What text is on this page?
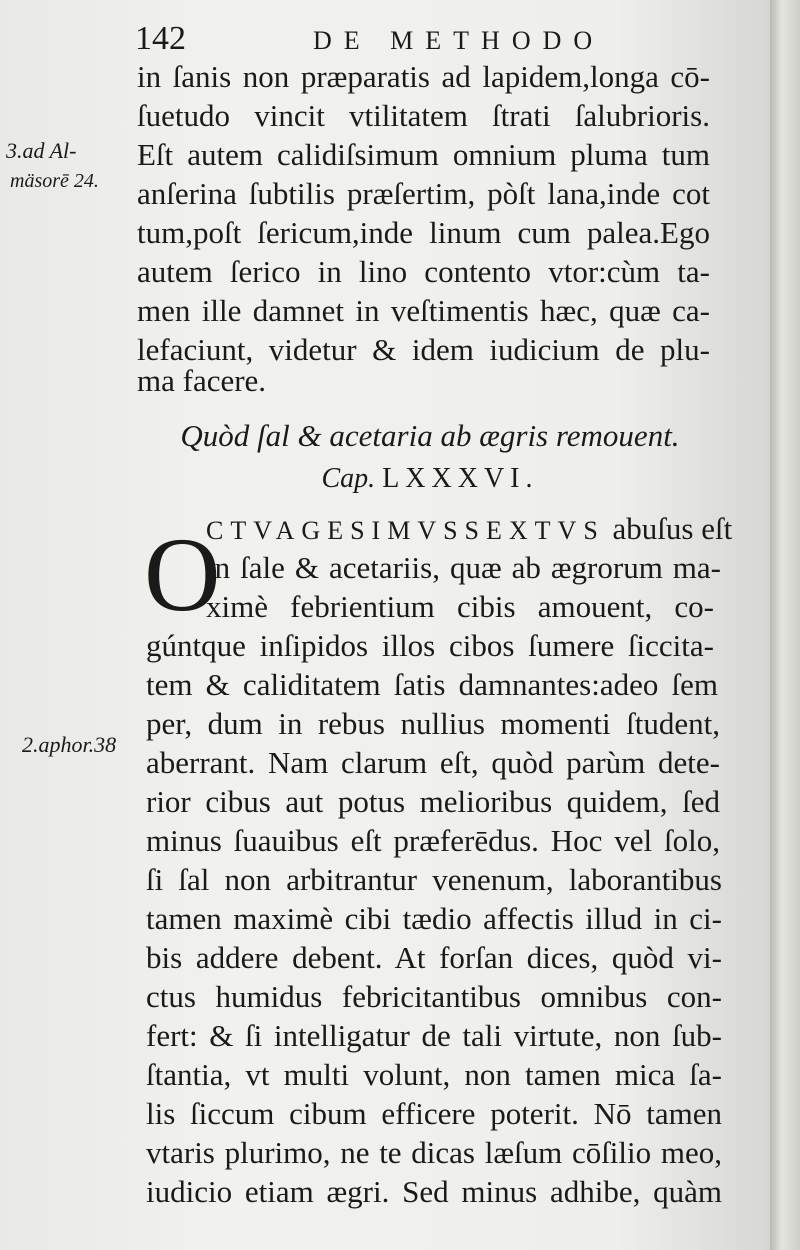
142	DE METHODO
in ſanis non præparatis ad lapidem,longa cō-
ſuetudo vincit vtilitatem ſtrati ſalubrioris.
Eſt autem calidiſsimum omnium pluma tum
anſerina ſubtilis præſertim, pòſt lana,inde cot
tum,poſt ſericum,inde linum cum palea.Ego
autem ſerico in lino contento vtor:cùm ta-
men ille damnet in veſtimentis hæc, quæ ca-
lefaciunt, videtur & idem iudicium de plu-
ma facere.
3.ad Al-
mäsorē 24.
2.aphor.38
Quòd ſal & acetaria ab ægris remouent.
Cap. LXXXVI.
O
CTVAGESIMVSSEXTVS abuſus eſt
in ſale & acetariis, quæ ab ægrorum ma-
ximè febrientium cibis amouent, co-
gúntque inſipidos illos cibos ſumere ſiccita-
tem & caliditatem ſatis damnantes:adeo ſem
per, dum in rebus nullius momenti ſtudent,
aberrant. Nam clarum eſt, quòd parùm dete-
rior cibus aut potus melioribus quidem, ſed
minus ſuauibus eſt præferēdus. Hoc vel ſolo,
ſi ſal non arbitrantur venenum, laborantibus
tamen maximè cibi tædio affectis illud in ci-
bis addere debent. At forſan dices, quòd vi-
ctus humidus febricitantibus omnibus con-
fert: & ſi intelligatur de tali virtute, non ſub-
ſtantia, vt multi volunt, non tamen mica ſa-
lis ſiccum cibum efficere poterit. Nō tamen
vtaris plurimo, ne te dicas læſum cōſilio meo,
iudicio etiam ægri. Sed minus adhibe, quàm
